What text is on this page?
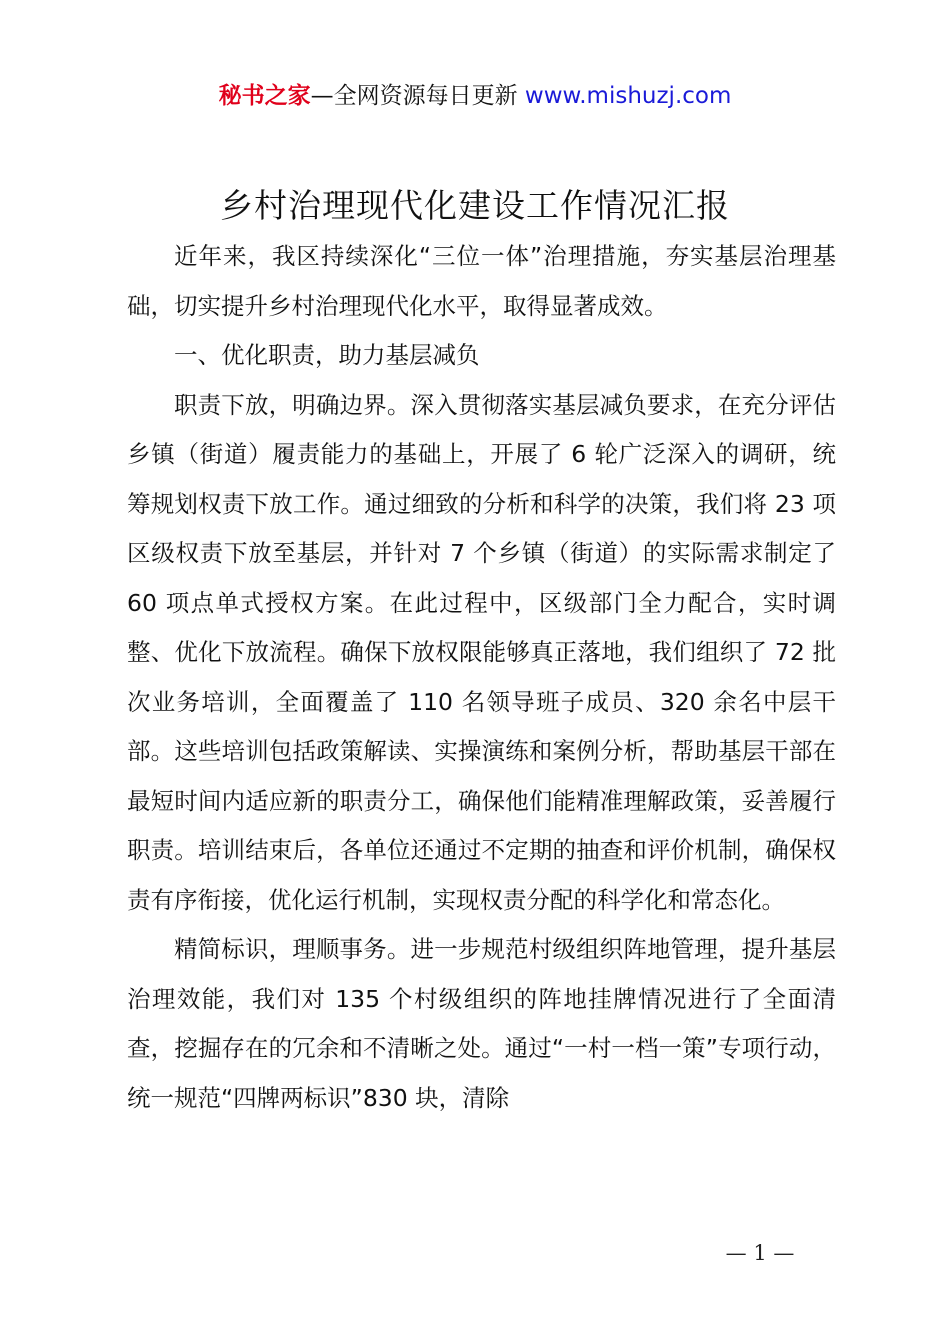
秘书之家—全网资源每日更新 www.mishuzj.com
乡村治理现代化建设工作情况汇报

近年来，我区持续深化“三位一体”治理措施，夯实基层治理基础，切实提升乡村治理现代化水平，取得显著成效。

一、优化职责，助力基层减负

职责下放，明确边界。深入贯彻落实基层减负要求，在充分评估乡镇（街道）履责能力的基础上，开展了 6 轮广泛深入的调研，统筹规划权责下放工作。通过细致的分析和科学的决策，我们将 23 项区级权责下放至基层，并针对 7 个乡镇（街道）的实际需求制定了 60 项点单式授权方案。在此过程中，区级部门全力配合，实时调整、优化下放流程。确保下放权限能够真正落地，我们组织了 72 批次业务培训，全面覆盖了 110 名领导班子成员、320 余名中层干部。这些培训包括政策解读、实操演练和案例分析，帮助基层干部在最短时间内适应新的职责分工，确保他们能精准理解政策，妥善履行职责。培训结束后，各单位还通过不定期的抽查和评价机制，确保权责有序衔接，优化运行机制，实现权责分配的科学化和常态化。

精简标识，理顺事务。进一步规范村级组织阵地管理，提升基层治理效能，我们对 135 个村级组织的阵地挂牌情况进行了全面清查，挖掘存在的冗余和不清晰之处。通过“一村一档一策”专项行动，统一规范“四牌两标识”830 块，清除

— 1 —
